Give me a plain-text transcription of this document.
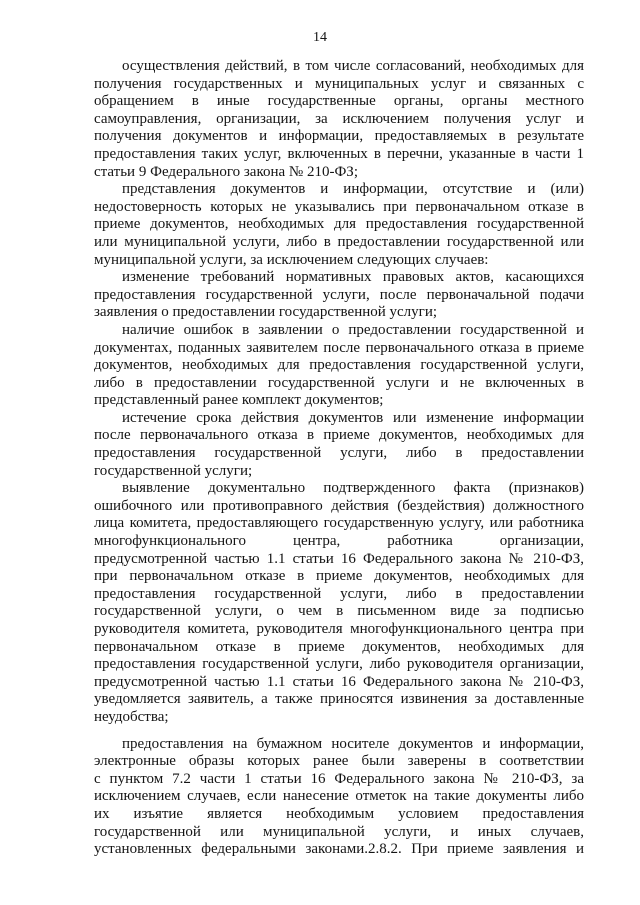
14
осуществления действий, в том числе согласований, необходимых для
получения государственных и муниципальных услуг и связанных с
обращением в иные государственные органы, органы местного
самоуправления, организации, за исключением получения услуг и
получения документов и информации, предоставляемых в результате
предоставления таких услуг, включенных в перечни, указанные в части 1
статьи 9 Федерального закона № 210-ФЗ;
представления документов и информации, отсутствие и (или)
недостоверность которых не указывались при первоначальном отказе в
приеме документов, необходимых для предоставления государственной
или муниципальной услуги, либо в предоставлении государственной или
муниципальной услуги, за исключением следующих случаев:
изменение требований нормативных правовых актов, касающихся
предоставления государственной услуги, после первоначальной подачи
заявления о предоставлении государственной услуги;
наличие ошибок в заявлении о предоставлении государственной и
документах, поданных заявителем после первоначального отказа в приеме
документов, необходимых для предоставления государственной услуги,
либо в предоставлении государственной услуги и не включенных в
представленный ранее комплект документов;
истечение срока действия документов или изменение информации
после первоначального отказа в приеме документов, необходимых для
предоставления государственной услуги, либо в предоставлении
государственной услуги;
выявление документально подтвержденного факта (признаков)
ошибочного или противоправного действия (бездействия) должностного
лица комитета, предоставляющего государственную услугу, или работника
многофункционального центра, работника организации,
предусмотренной частью 1.1 статьи 16 Федерального закона № 210-ФЗ,
при первоначальном отказе в приеме документов, необходимых для
предоставления государственной услуги, либо в предоставлении
государственной услуги, о чем в письменном виде за подписью
руководителя комитета, руководителя многофункционального центра при
первоначальном отказе в приеме документов, необходимых для
предоставления государственной услуги, либо руководителя организации,
предусмотренной частью 1.1 статьи 16 Федерального закона № 210-ФЗ,
уведомляется заявитель, а также приносятся извинения за доставленные
неудобства;
предоставления на бумажном носителе документов и информации,
электронные образы которых ранее были заверены в соответствии
с пунктом 7.2 части 1 статьи 16 Федерального закона № 210-ФЗ, за
исключением случаев, если нанесение отметок на такие документы либо
их изъятие является необходимым условием предоставления
государственной или муниципальной услуги, и иных случаев,
установленных федеральными законами.2.8.2. При приеме заявления и
